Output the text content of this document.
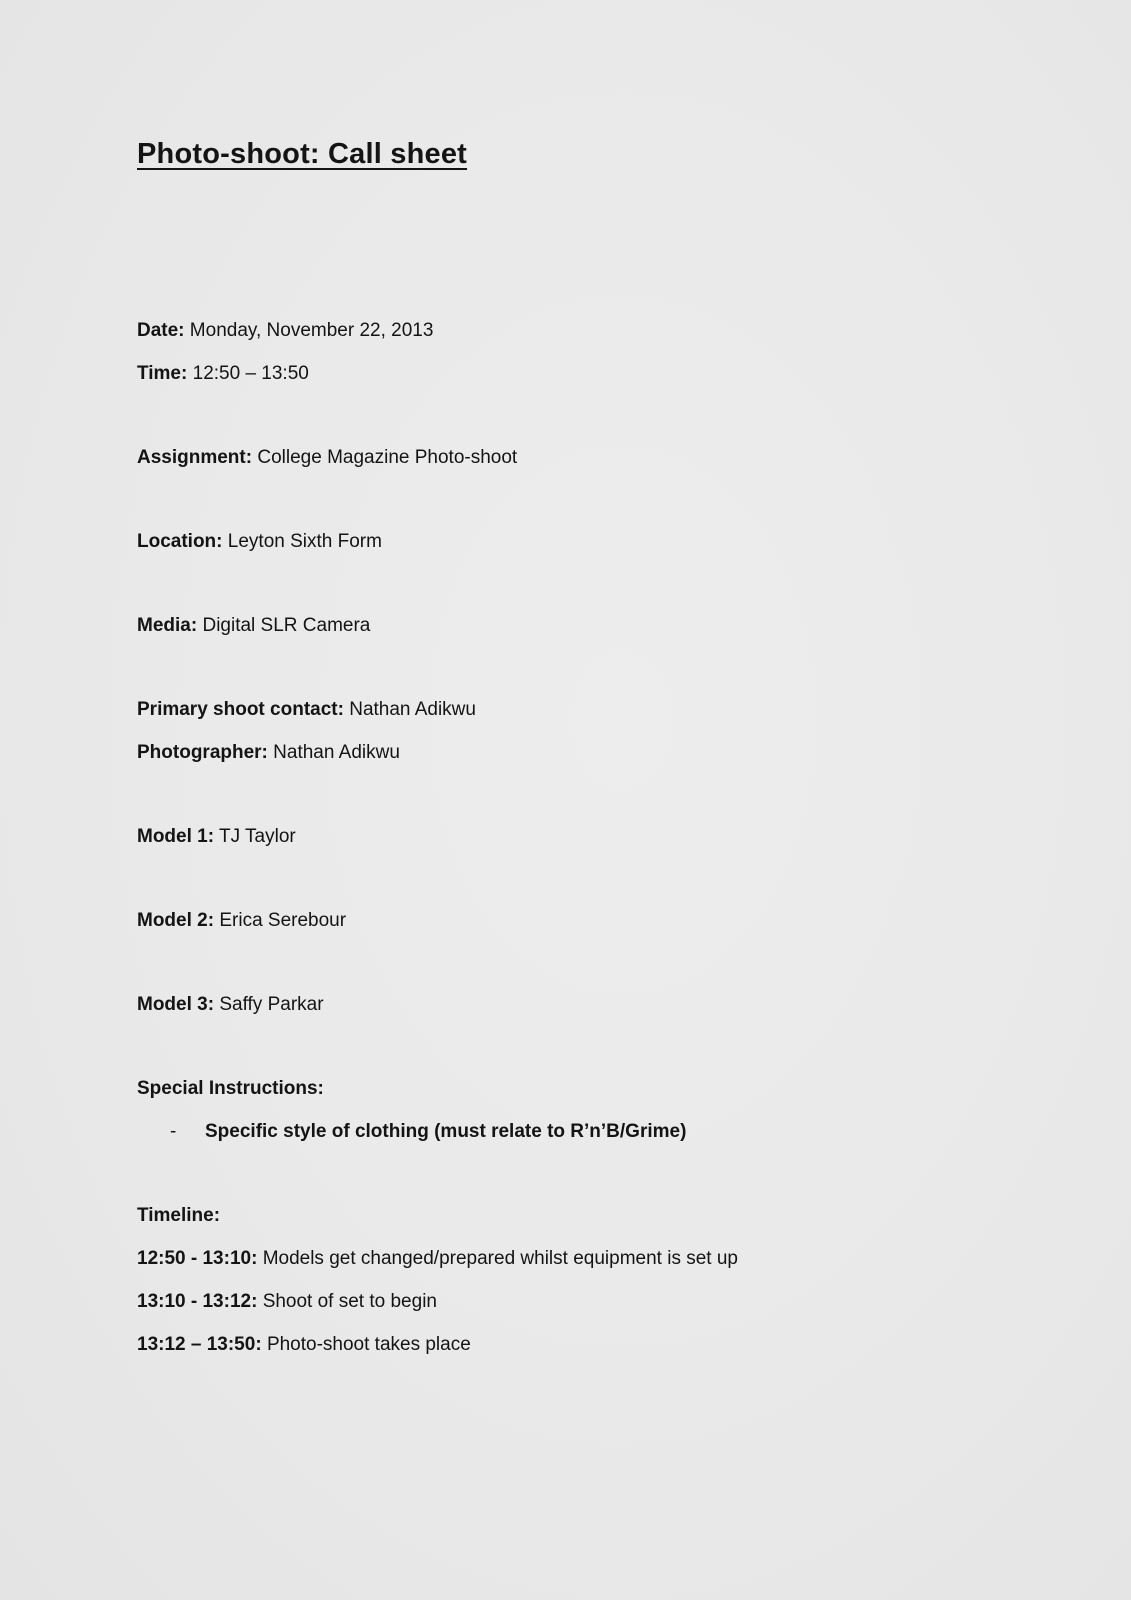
Photo-shoot: Call sheet
Date: Monday, November 22, 2013
Time: 12:50 – 13:50
Assignment: College Magazine Photo-shoot
Location: Leyton Sixth Form
Media: Digital SLR Camera
Primary shoot contact: Nathan Adikwu
Photographer: Nathan Adikwu
Model 1: TJ Taylor
Model 2: Erica Serebour
Model 3: Saffy Parkar
Special Instructions:
- Specific style of clothing (must relate to R’n’B/Grime)
Timeline:
12:50 - 13:10: Models get changed/prepared whilst equipment is set up
13:10 - 13:12: Shoot of set to begin
13:12 – 13:50: Photo-shoot takes place
